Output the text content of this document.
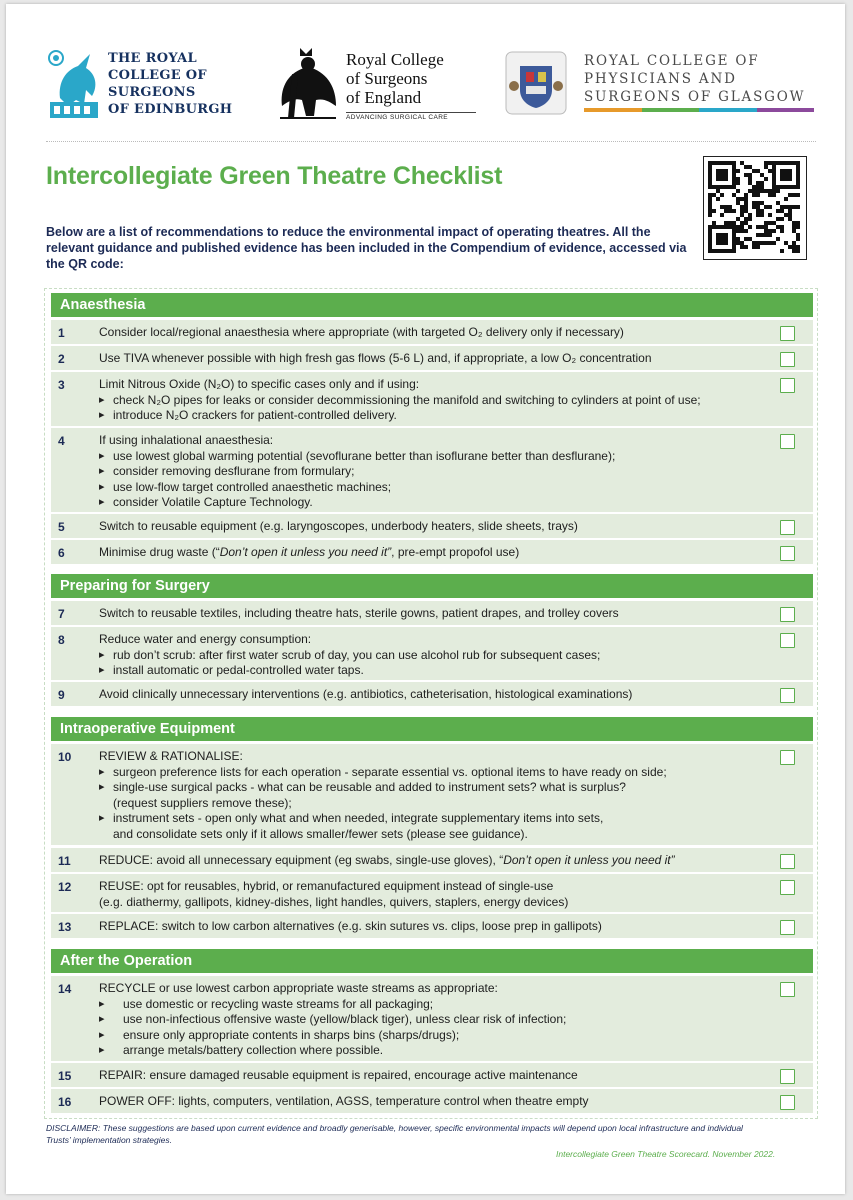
THE ROYAL
COLLEGE OF
SURGEONS
OF EDINBURGH
Royal College
of Surgeons
of England
ADVANCING SURGICAL CARE
ROYAL COLLEGE OF
PHYSICIANS AND
SURGEONS OF GLASGOW
Intercollegiate Green Theatre Checklist
Below are a list of recommendations to reduce the environmental impact of operating theatres. All the relevant guidance and published evidence has been included in the Compendium of evidence, accessed via the QR code:
Anaesthesia
1	Consider local/regional anaesthesia where appropriate (with targeted O₂ delivery only if necessary)
2	Use TIVA whenever possible with high fresh gas flows (5-6 L) and, if appropriate, a low O₂ concentration
3	Limit Nitrous Oxide (N₂O) to specific cases only and if using:
▸ check N₂O pipes for leaks or consider decommissioning the manifold and switching to cylinders at point of use;
▸ introduce N₂O crackers for patient-controlled delivery.
4	If using inhalational anaesthesia:
▸ use lowest global warming potential (sevoflurane better than isoflurane better than desflurane);
▸ consider removing desflurane from formulary;
▸ use low-flow target controlled anaesthetic machines;
▸ consider Volatile Capture Technology.
5	Switch to reusable equipment (e.g. laryngoscopes, underbody heaters, slide sheets, trays)
6	Minimise drug waste (“Don’t open it unless you need it”, pre-empt propofol use)
Preparing for Surgery
7	Switch to reusable textiles, including theatre hats, sterile gowns, patient drapes, and trolley covers
8	Reduce water and energy consumption:
▸ rub don’t scrub: after first water scrub of day, you can use alcohol rub for subsequent cases;
▸ install automatic or pedal-controlled water taps.
9	Avoid clinically unnecessary interventions (e.g. antibiotics, catheterisation, histological examinations)
Intraoperative Equipment
10	REVIEW & RATIONALISE:
▸ surgeon preference lists for each operation - separate essential vs. optional items to have ready on side;
▸ single-use surgical packs - what can be reusable and added to instrument sets? what is surplus?
(request suppliers remove these);
▸ instrument sets - open only what and when needed, integrate supplementary items into sets,
and consolidate sets only if it allows smaller/fewer sets (please see guidance).
11	REDUCE: avoid all unnecessary equipment (eg swabs, single-use gloves), “Don’t open it unless you need it”
12	REUSE: opt for reusables, hybrid, or remanufactured equipment instead of single-use
(e.g. diathermy, gallipots, kidney-dishes, light handles, quivers, staplers, energy devices)
13	REPLACE: switch to low carbon alternatives (e.g. skin sutures vs. clips, loose prep in gallipots)
After the Operation
14	RECYCLE or use lowest carbon appropriate waste streams as appropriate:
▸ use domestic or recycling waste streams for all packaging;
▸ use non-infectious offensive waste (yellow/black tiger), unless clear risk of infection;
▸ ensure only appropriate contents in sharps bins (sharps/drugs);
▸ arrange metals/battery collection where possible.
15	REPAIR: ensure damaged reusable equipment is repaired, encourage active maintenance
16	POWER OFF: lights, computers, ventilation, AGSS, temperature control when theatre empty
DISCLAIMER: These suggestions are based upon current evidence and broadly generisable, however, specific environmental impacts will depend upon local infrastructure and individual Trusts’ implementation strategies.
Intercollegiate Green Theatre Scorecard. November 2022.
